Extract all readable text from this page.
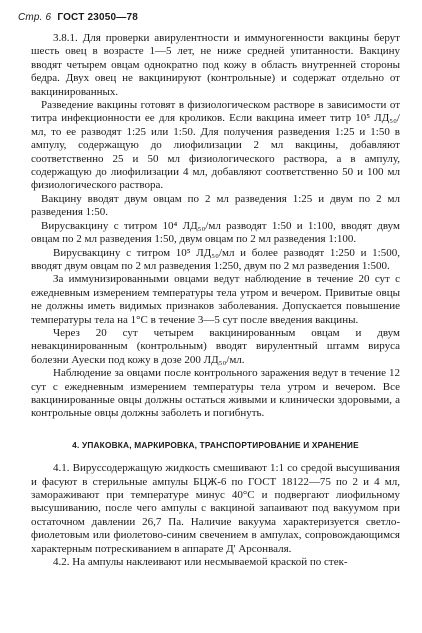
Стр. 6 ГОСТ 23050—78

3.8.1. Для проверки авирулентности и иммуногенности вакцины берут шесть овец в возрасте 1—5 лет, не ниже средней упитанности. Вакцину вводят четырем овцам однократно под кожу в область внутренней стороны бедра. Двух овец не вакцинируют (контрольные) и содержат отдельно от вакцинированных.

Разведение вакцины готовят в физиологическом растворе в зависимости от титра инфекционности ее для кроликов. Если вакцина имеет титр 10⁵ ЛД₅₀/мл, то ее разводят 1:25 или 1:50. Для получения разведения 1:25 и 1:50 в ампулу, содержащую до лиофилизации 2 мл вакцины, добавляют соответственно 25 и 50 мл физиологического раствора, а в ампулу, содержащую до лиофилизации 4 мл, добавляют соответственно 50 и 100 мл физиологического раствора.

Вакцину вводят двум овцам по 2 мл разведения 1:25 и двум по 2 мл разведения 1:50.

Вирусвакцину с титром 10⁴ ЛД₅₀/мл разводят 1:50 и 1:100, вводят двум овцам по 2 мл разведения 1:50, двум овцам по 2 мл разведения 1:100.

Вирусвакцину с титром 10⁵ ЛД₅₀/мл и более разводят 1:250 и 1:500, вводят двум овцам по 2 мл разведения 1:250, двум по 2 мл разведения 1:500.

За иммунизированными овцами ведут наблюдение в течение 20 сут с ежедневным измерением температуры тела утром и вечером. Привитые овцы не должны иметь видимых признаков заболевания. Допускается повышение температуры тела на 1°С в течение 3—5 сут после введения вакцины.

Через 20 сут четырем вакцинированным овцам и двум невакцинированным (контрольным) вводят вирулентный штамм вируса болезни Ауески под кожу в дозе 200 ЛД₅₀/мл.

Наблюдение за овцами после контрольного заражения ведут в течение 12 сут с ежедневным измерением температуры тела утром и вечером. Все вакцинированные овцы должны остаться живыми и клинически здоровыми, а контрольные овцы должны заболеть и погибнуть.

4. УПАКОВКА, МАРКИРОВКА, ТРАНСПОРТИРОВАНИЕ И ХРАНЕНИЕ

4.1. Вируссодержащую жидкость смешивают 1:1 со средой высушивания и фасуют в стерильные ампулы БЦЖ-6 по ГОСТ 18122—75 по 2 и 4 мл, замораживают при температуре минус 40°С и подвергают лиофильному высушиванию, после чего ампулы с вакциной запаивают под вакуумом при остаточном давлении 26,7 Па. Наличие вакуума характеризуется светло-фиолетовым или фиолетово-синим свечением в ампулах, сопровождающимся характерным потрескиванием в аппарате Д' Арсонваля.

4.2. На ампулы наклеивают или несмываемой краской по стек-
